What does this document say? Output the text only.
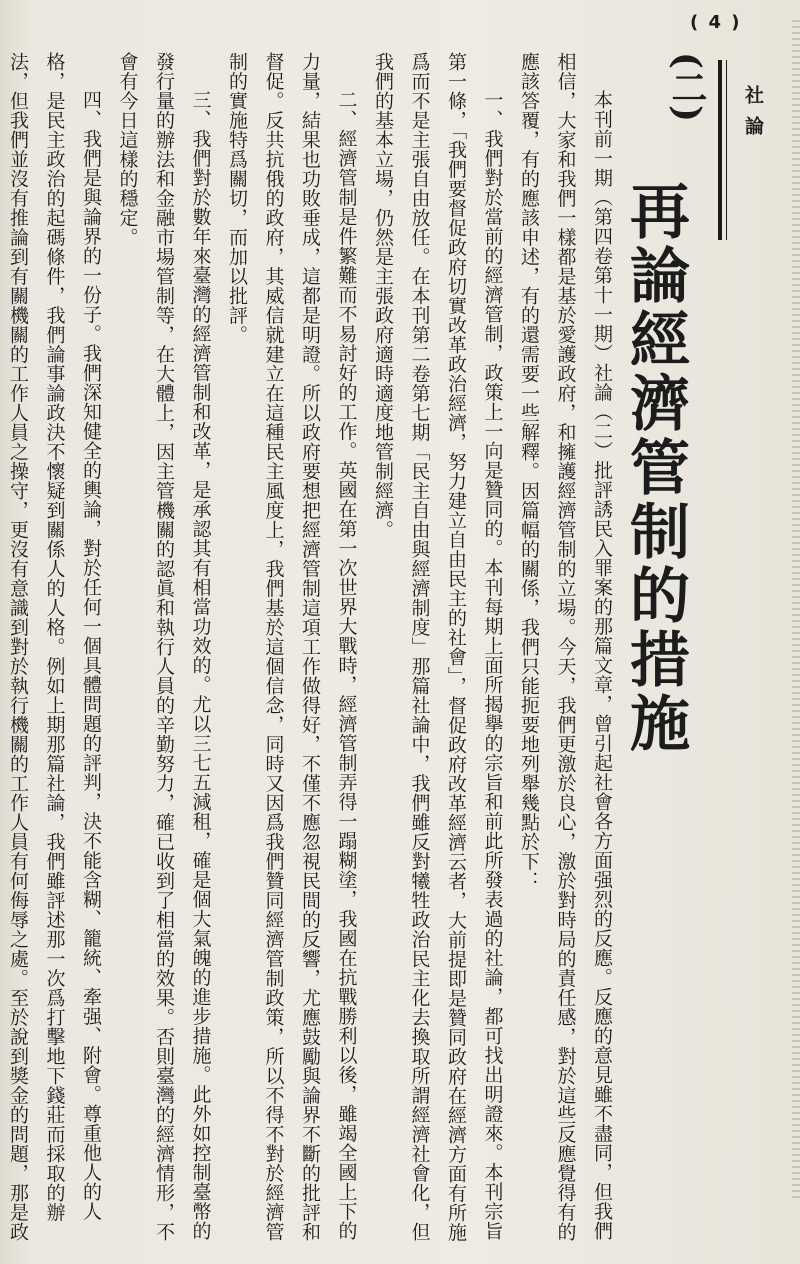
( 4 )
社論
(二)
再論經濟管制的措施

本刊前一期（第四卷第十一期）社論（二）批評誘民入罪案的那篇文章，曾引起社會各方面强烈的反應。反應的意見雖不盡同，但我們相信，大家和我們一樣都是基於愛護政府，和擁護經濟管制的立場。今天，我們更激於良心，激於對時局的責任感，對於這些反應覺得有的應該答覆，有的應該申述，有的還需要一些解釋。因篇幅的關係，我們只能扼要地列舉幾點於下：

一、我們對於當前的經濟管制，政策上一向是贊同的。本刊每期上面所揭擧的宗旨和前此所發表過的社論，都可找出明證來。本刊宗旨第一條，「我們要督促政府切實改革政治經濟，努力建立自由民主的社會」，督促政府改革經濟云者，大前提即是贊同政府在經濟方面有所施爲而不是主張自由放任。在本刊第二卷第七期「民主自由與經濟制度」那篇社論中，我們雖反對犧牲政治民主化去換取所謂經濟社會化，但我們的基本立場，仍然是主張政府適時適度地管制經濟。

二、經濟管制是件繁難而不易討好的工作。英國在第一次世界大戰時，經濟管制弄得一蹋糊塗，我國在抗戰勝利以後，雖竭全國上下的力量，結果也功敗垂成，這都是明證。所以政府要想把經濟管制這項工作做得好，不僅不應忽視民間的反響，尤應鼓勵與論界不斷的批評和督促。反共抗俄的政府，其威信就建立在這種民主風度上，我們基於這個信念，同時又因爲我們贊同經濟管制政策，所以不得不對於經濟管制的實施特爲關切，而加以批評。

三、我們對於數年來臺灣的經濟管制和改革，是承認其有相當功效的。尤以三七五減租，確是個大氣魄的進步措施。此外如控制臺幣的發行量的辦法和金融市場管制等，在大體上，因主管機關的認眞和執行人員的辛勤努力，確已收到了相當的效果。否則臺灣的經濟情形，不會有今日這樣的穩定。

四、我們是與論界的一份子。我們深知健全的輿論，對於任何一個具體問題的評判，決不能含糊、籠統、牽强、附會。尊重他人的人格，是民主政治的起碼條件，我們論事論政決不懷疑到關係人的人格。例如上期那篇社論，我們雖評述那一次爲打擊地下錢莊而採取的辦法，但我們並沒有推論到有關機關的工作人員之操守，更沒有意識到對於執行機關的工作人員有何侮辱之處。至於說到獎金的問題，那是政
